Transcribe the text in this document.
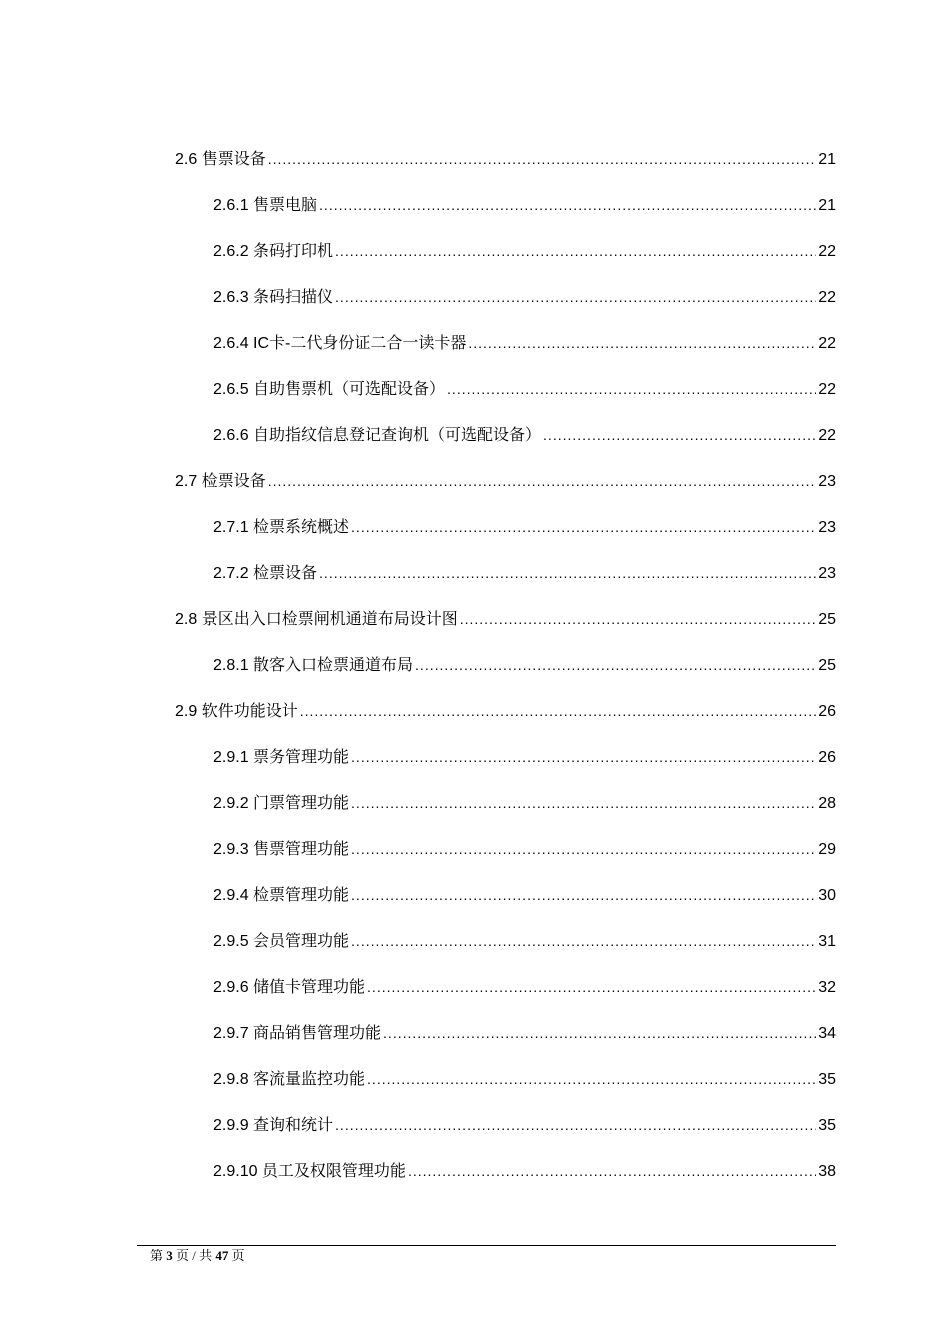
2.6 售票设备 .....	21
2.6.1 售票电脑 .....	21
2.6.2 条码打印机 .....	22
2.6.3 条码扫描仪 .....	22
2.6.4 IC卡-二代身份证二合一读卡器 .....	22
2.6.5 自助售票机（可选配设备） .....	22
2.6.6 自助指纹信息登记查询机（可选配设备） .....	22
2.7 检票设备 .....	23
2.7.1 检票系统概述 .....	23
2.7.2 检票设备 .....	23
2.8 景区出入口检票闸机通道布局设计图 .....	25
2.8.1 散客入口检票通道布局 .....	25
2.9 软件功能设计 .....	26
2.9.1 票务管理功能 .....	26
2.9.2 门票管理功能 .....	28
2.9.3 售票管理功能 .....	29
2.9.4 检票管理功能 .....	30
2.9.5 会员管理功能 .....	31
2.9.6 储值卡管理功能 .....	32
2.9.7 商品销售管理功能 .....	34
2.9.8 客流量监控功能 .....	35
2.9.9 查询和统计 .....	35
2.9.10 员工及权限管理功能 .....	38
第 3 页 / 共 47 页
